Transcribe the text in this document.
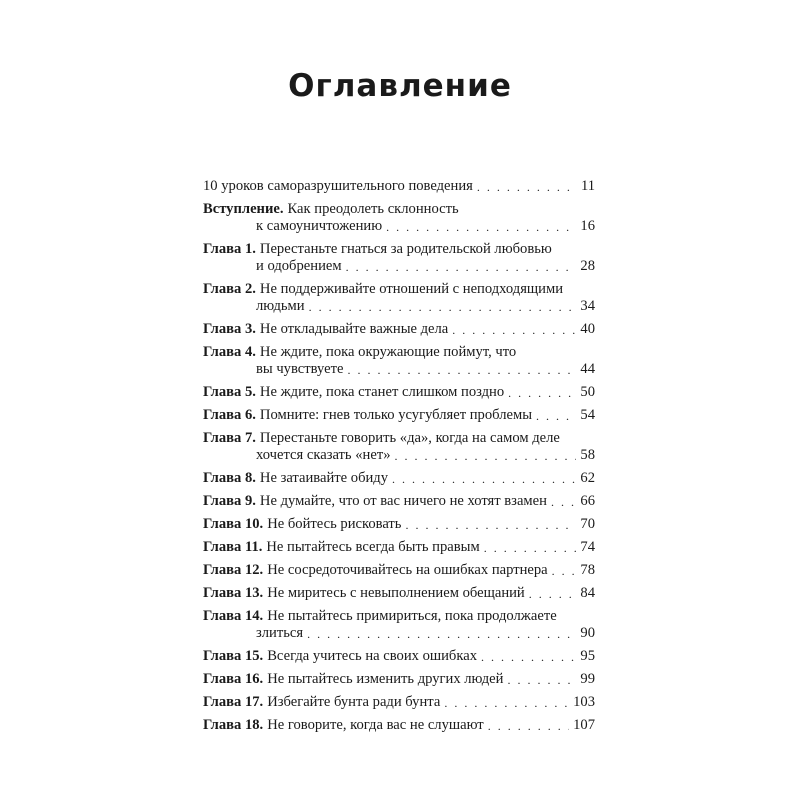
Оглавление
10 уроков саморазрушительного поведения . . .	11
Вступление. Как преодолеть склонность
к самоуничтожению . . .	16
Глава 1. Перестаньте гнаться за родительской любовью
и одобрением . . .	28
Глава 2. Не поддерживайте отношений с неподходящими
людьми . . .	34
Глава 3. Не откладывайте важные дела . . .	40
Глава 4. Не ждите, пока окружающие поймут, что
вы чувствуете . . .	44
Глава 5. Не ждите, пока станет слишком поздно . . .	50
Глава 6. Помните: гнев только усугубляет проблемы . . .	54
Глава 7. Перестаньте говорить «да», когда на самом деле
хочется сказать «нет» . . .	58
Глава 8. Не затаивайте обиду . . .	62
Глава 9. Не думайте, что от вас ничего не хотят взамен . . . 66
Глава 10. Не бойтесь рисковать . . .	70
Глава 11. Не пытайтесь всегда быть правым . . .	74
Глава 12. Не сосредоточивайтесь на ошибках партнера . . . 78
Глава 13. Не миритесь с невыполнением обещаний . . .	84
Глава 14. Не пытайтесь примириться, пока продолжаете
злиться . . .	90
Глава 15. Всегда учитесь на своих ошибках . . .	95
Глава 16. Не пытайтесь изменить других людей . . .	99
Глава 17. Избегайте бунта ради бунта . . .	103
Глава 18. Не говорите, когда вас не слушают . . .	107
